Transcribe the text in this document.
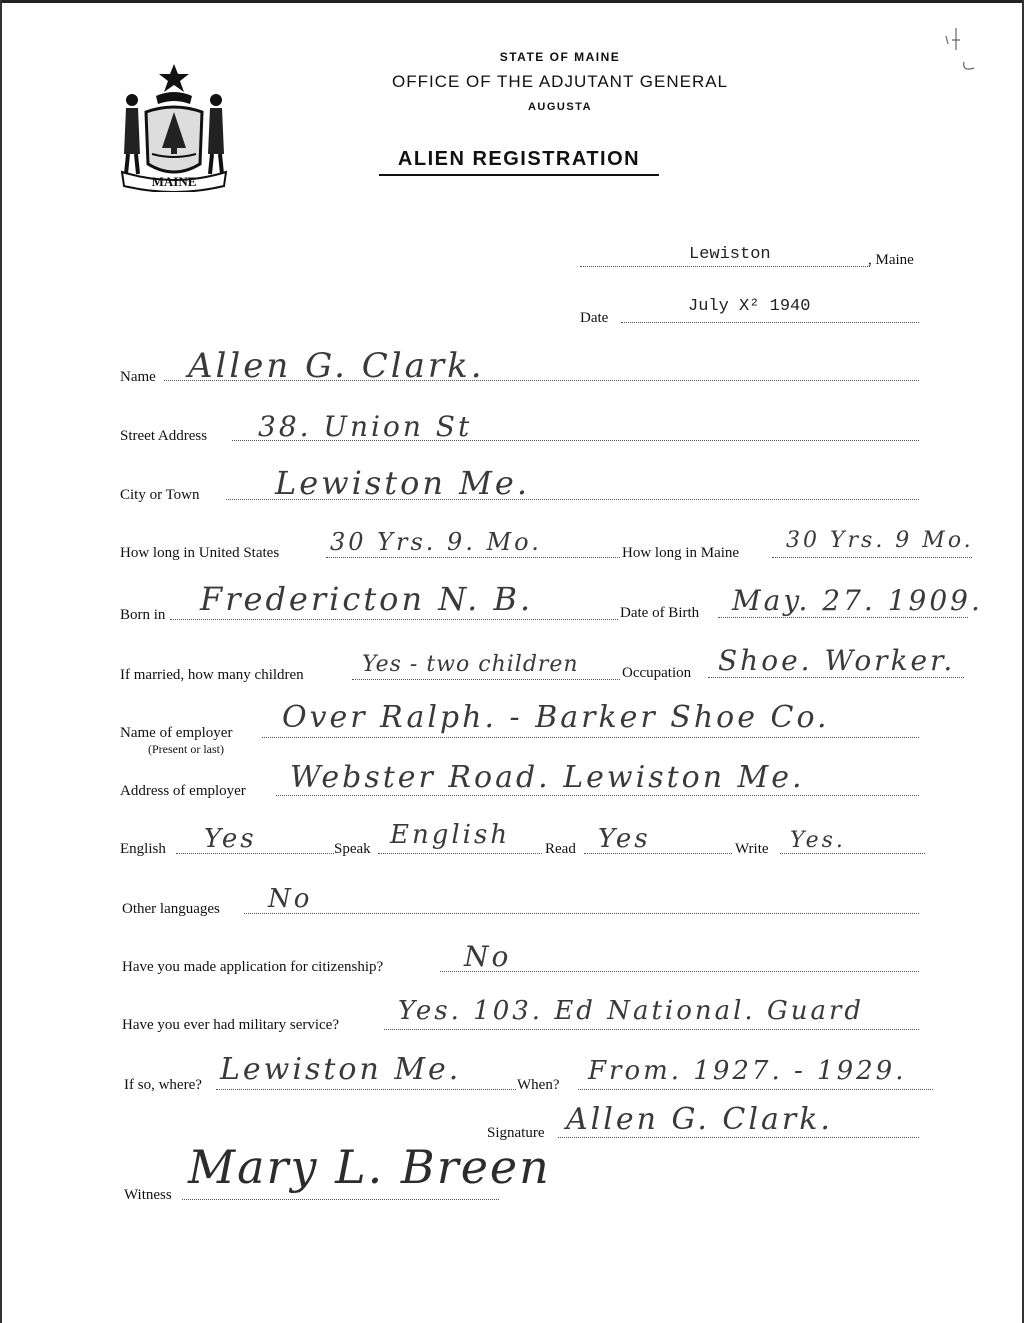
MAINE
STATE OF MAINE
OFFICE OF THE ADJUTANT GENERAL
AUGUSTA
ALIEN REGISTRATION
Lewiston	, Maine
Date
July X² 1940
Name Allen G. Clark.
Street Address 38. Union St
City or Town Lewiston Me.
How long in United States 30 Yrs. 9. Mo.	How long in Maine 30 Yrs. 9 Mo.
Born in Fredericton N. B.	Date of Birth May. 27. 1909.
If married, how many children	Yes - two children	Occupation Shoe. Worker.
Name of employer
(Present or last)
Over Ralph. - Barker Shoe Co.
Address of employer Webster Road. Lewiston Me.
English Yes	Speak English Read Yes	Write Yes.
Other languages No
Have you made application for citizenship?	No
Have you ever had military service? Yes. 103. Ed National. Guard
If so, where? Lewiston Me.	When? From. 1927. - 1929.
Signature Allen G. Clark.
Witness
Mary L. Breen
